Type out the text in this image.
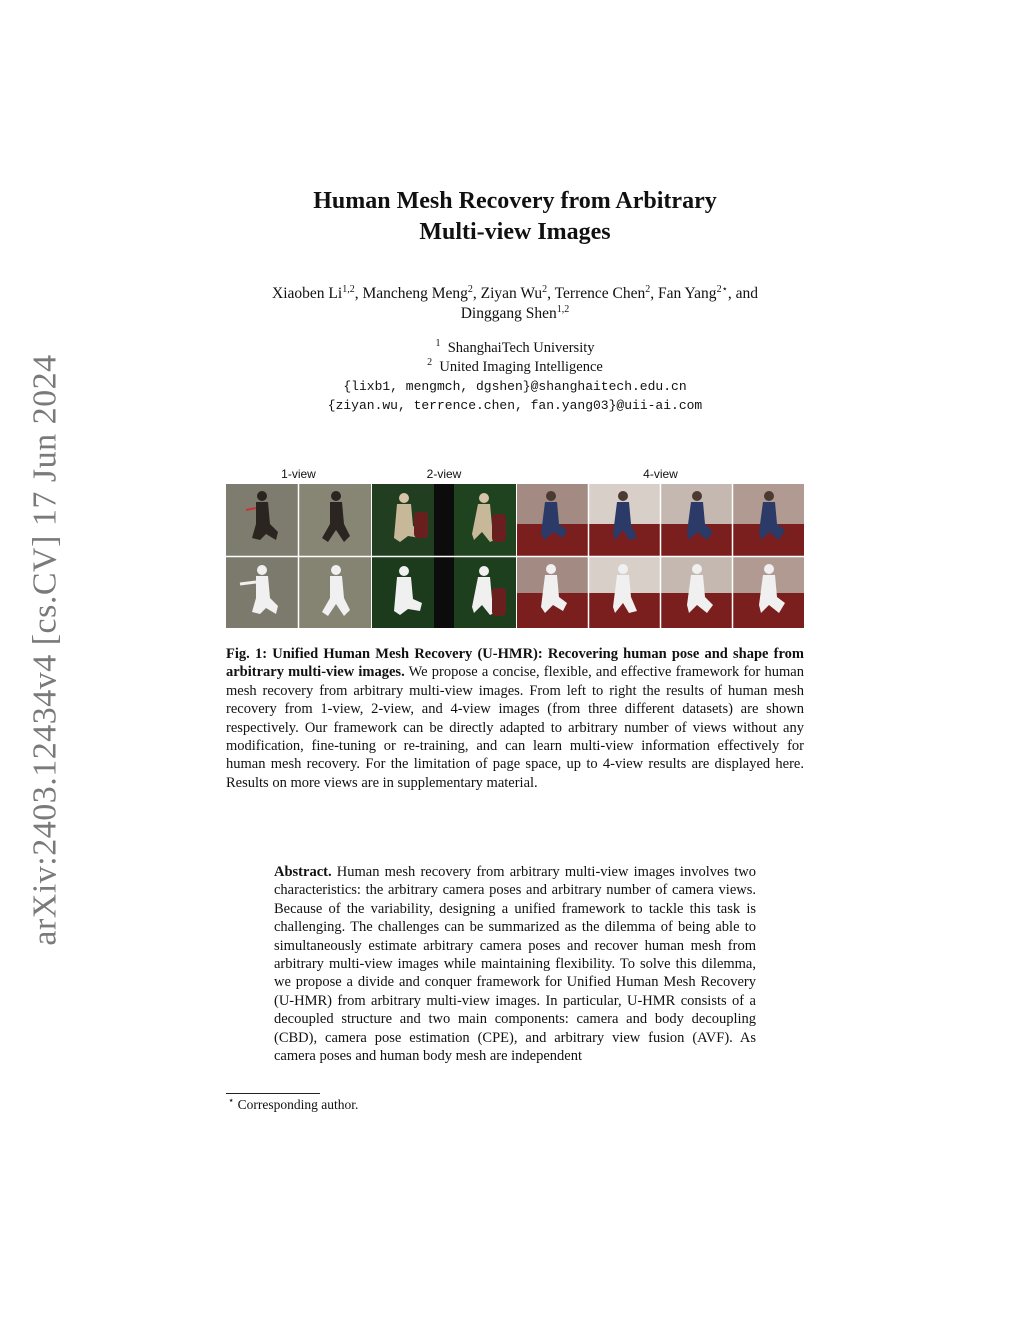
arXiv:2403.12434v4 [cs.CV] 17 Jun 2024
Human Mesh Recovery from Arbitrary
Multi-view Images
Xiaoben Li$^{1,2}$, Mancheng Meng$^2$, Ziyan Wu$^2$, Terrence Chen$^2$, Fan Yang$^{2⋆}$, and
Dinggang Shen$^{1,2}$
$^1$ ShanghaiTech University
$^2$ United Imaging Intelligence
{lixb1, mengmch, dgshen}@shanghaitech.edu.cn
{ziyan.wu, terrence.chen, fan.yang03}@uii-ai.com
1-view	2-view	4-view
Fig. 1: Unified Human Mesh Recovery (U-HMR): Recovering human pose and shape from arbitrary multi-view images. We propose a concise, flexible, and effective framework for human mesh recovery from arbitrary multi-view images. From left to right the results of human mesh recovery from 1-view, 2-view, and 4-view images (from three different datasets) are shown respectively. Our framework can be directly adapted to arbitrary number of views without any modification, fine-tuning or re-training, and can learn multi-view information effectively for human mesh recovery. For the limitation of page space, up to 4-view results are displayed here. Results on more views are in supplementary material.
Abstract. Human mesh recovery from arbitrary multi-view images involves two characteristics: the arbitrary camera poses and arbitrary number of camera views. Because of the variability, designing a unified framework to tackle this task is challenging. The challenges can be summarized as the dilemma of being able to simultaneously estimate arbitrary camera poses and recover human mesh from arbitrary multi-view images while maintaining flexibility. To solve this dilemma, we propose a divide and conquer framework for Unified Human Mesh Recovery (U-HMR) from arbitrary multi-view images. In particular, U-HMR consists of a decoupled structure and two main components: camera and body decoupling (CBD), camera pose estimation (CPE), and arbitrary view fusion (AVF). As camera poses and human body mesh are independent
⋆ Corresponding author.
